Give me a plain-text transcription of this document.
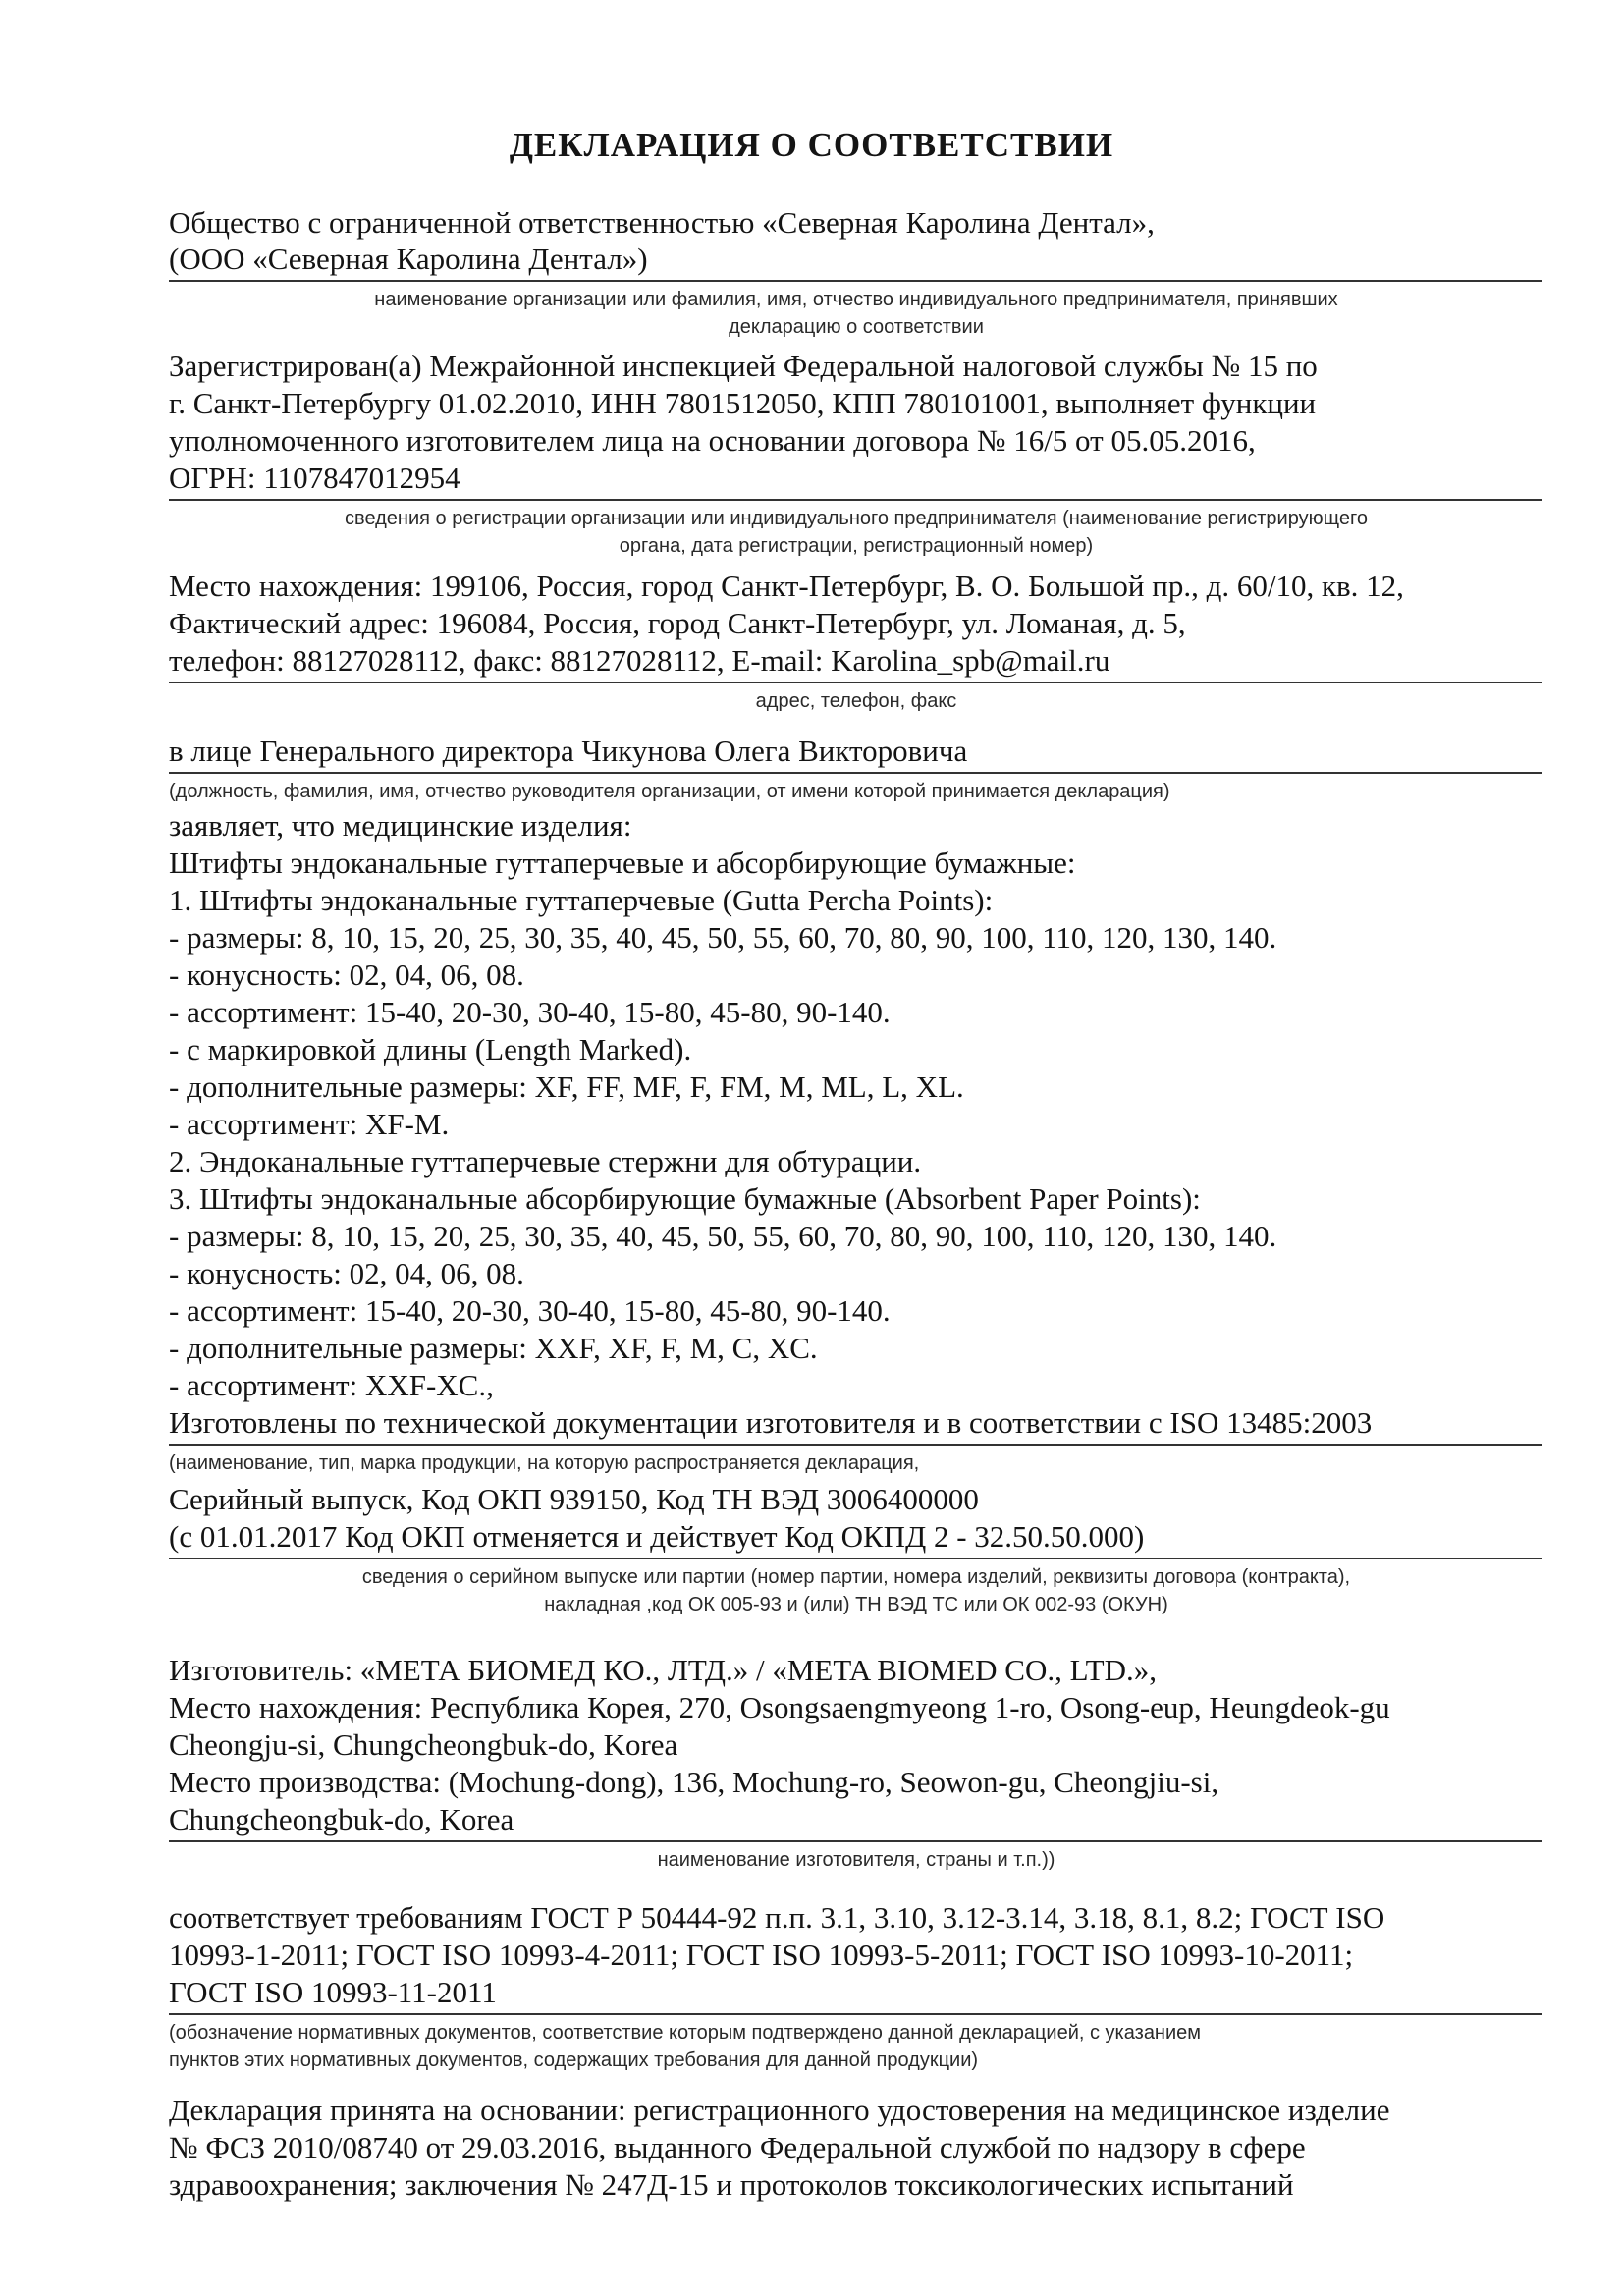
ДЕКЛАРАЦИЯ О СООТВЕТСТВИИ
Общество с ограниченной ответственностью «Северная Каролина Дентал»,
(ООО «Северная Каролина Дентал»)
наименование организации или фамилия, имя, отчество индивидуального предпринимателя, принявших
декларацию о соответствии
Зарегистрирован(а) Межрайонной инспекцией Федеральной налоговой службы № 15 по
г. Санкт-Петербургу 01.02.2010, ИНН 7801512050, КПП 780101001, выполняет функции
уполномоченного изготовителем лица на основании договора № 16/5 от 05.05.2016,
ОГРН: 1107847012954
сведения о регистрации организации или индивидуального предпринимателя (наименование регистрирующего
органа, дата регистрации, регистрационный номер)
Место нахождения: 199106, Россия, город Санкт-Петербург, В. О. Большой пр., д. 60/10, кв. 12,
Фактический адрес: 196084, Россия, город Санкт-Петербург, ул. Ломаная, д. 5,
телефон: 88127028112, факс: 88127028112, E-mail: Karolina_spb@mail.ru
адрес, телефон, факс
в лице Генерального директора Чикунова Олега Викторовича
(должность, фамилия, имя, отчество руководителя организации, от имени которой принимается декларация)
заявляет, что медицинские изделия:
Штифты эндоканальные гуттаперчевые и абсорбирующие бумажные:
1. Штифты эндоканальные гуттаперчевые (Gutta Percha Points):
- размеры: 8, 10, 15, 20, 25, 30, 35, 40, 45, 50, 55, 60, 70, 80, 90, 100, 110, 120, 130, 140.
- конусность: 02, 04, 06, 08.
- ассортимент: 15-40, 20-30, 30-40, 15-80, 45-80, 90-140.
- с маркировкой длины (Length Marked).
- дополнительные размеры: XF, FF, MF, F, FM, M, ML, L, XL.
- ассортимент: XF-M.
2. Эндоканальные гуттаперчевые стержни для обтурации.
3. Штифты эндоканальные абсорбирующие бумажные (Absorbent Paper Points):
- размеры: 8, 10, 15, 20, 25, 30, 35, 40, 45, 50, 55, 60, 70, 80, 90, 100, 110, 120, 130, 140.
- конусность: 02, 04, 06, 08.
- ассортимент: 15-40, 20-30, 30-40, 15-80, 45-80, 90-140.
- дополнительные размеры: XXF, XF, F, M, C, XC.
- ассортимент: XXF-XC.,
Изготовлены по технической документации изготовителя и в соответствии с ISO 13485:2003
(наименование, тип, марка продукции, на которую распространяется декларация,
Серийный выпуск, Код ОКП 939150, Код ТН ВЭД 3006400000
(с 01.01.2017 Код ОКП отменяется и действует Код ОКПД 2 - 32.50.50.000)
сведения о серийном выпуске или партии (номер партии, номера изделий, реквизиты договора (контракта),
накладная ,код ОК 005-93 и (или) ТН ВЭД ТС или ОК 002-93 (ОКУН)
Изготовитель: «МЕТА БИОМЕД КО., ЛТД.» / «META BIOMED CO., LTD.»,
Место нахождения: Республика Корея, 270, Osongsaengmyeong 1-ro, Osong-eup, Heungdeok-gu
Cheongju-si, Chungcheongbuk-do, Korea
Место производства: (Mochung-dong), 136, Mochung-ro, Seowon-gu, Cheongjiu-si,
Chungcheongbuk-do, Korea
наименование изготовителя, страны и т.п.))
соответствует требованиям ГОСТ Р 50444-92 п.п. 3.1, 3.10, 3.12-3.14, 3.18, 8.1, 8.2; ГОСТ ISO
10993-1-2011; ГОСТ ISO 10993-4-2011; ГОСТ ISO 10993-5-2011; ГОСТ ISO 10993-10-2011;
ГОСТ ISO 10993-11-2011
(обозначение нормативных документов, соответствие которым подтверждено данной декларацией, с указанием
пунктов этих нормативных документов, содержащих требования для данной продукции)
Декларация принята на основании: регистрационного удостоверения на медицинское изделие
№ ФСЗ 2010/08740 от 29.03.2016, выданного Федеральной службой по надзору в сфере
здравоохранения; заключения № 247Д-15 и протоколов токсикологических испытаний
